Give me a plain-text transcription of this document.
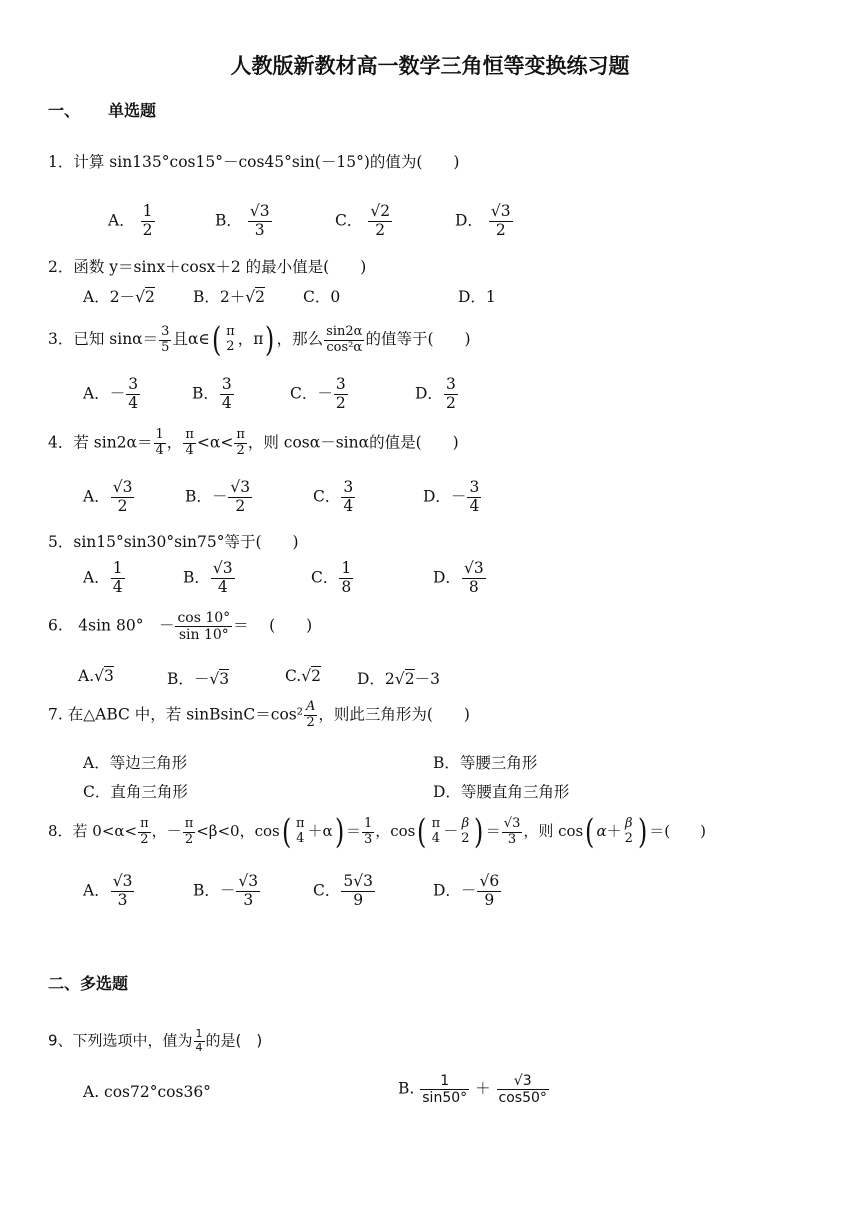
人教版新教材高一数学三角恒等变换练习题
一、 单选题
1．计算 sin135°cos15°－cos45°sin(－15°)的值为(　　)
A． $\frac{1}{2}$	B． $\frac{√3}{3}$	C． $\frac{√2}{2}$	D． $\frac{√3}{2}$
2．函数 y＝sinx＋cosx＋2 的最小值是(　　)
A．2－√2 B．2＋√2 C．0	D．1
3．已知 $\sin\alpha= \frac{3}{5}$ 且α∈( π
2 ，π) ，那么 $\frac{\sin 2\alpha}{\text{cos²α}}$ 的值等于(　　)
A．－ $\frac{3}{4}$	B． $\frac{3}{4}$	C．－ $\frac{3}{2}$	D． $\frac{3}{2}$
4．若 $\sin 2\alpha= \frac{1}{4}$ ， $\frac{\pi}{4} <\alpha< \frac{\pi}{2}$ ，则 cosα－sinα的值是(　　)
A． $\frac{√3}{2}$	B．－ $\frac{√3}{2}$	C． $\frac{3}{4}$	D．－ $\frac{3}{4}$
5．sin15°sin30°sin75°等于(　　)
A． $\frac{1}{4}$	B． $\frac{√3}{4}$	C． $\frac{1}{8}$	D． $\frac{√3}{8}$
6.　4sin 80°　－ $\frac{\cos 10^\circ}{\sin 10^\circ}$ ＝　 (　　)
A.√3	B．－√3	C.√2 D．2√2－3
7. 在△ABC 中，若 sinBsinC＝cos² $\frac{A}{2}$ ，则此三角形为(　　)
A．等边三角形	B．等腰三角形
C．直角三角形	D．等腰直角三角形
8．若 $0<\alpha< \frac{\pi}{2}$ ，－ $\frac{\pi}{2} <\beta<0$，cos( π
$4 +\alpha) = \frac{1}{3}$ ，cos( π
4 － β
2 ) ＝ $\frac{√3}{3}$ ，则 cos( α＋ β
2 ) ＝(　　)
A． $\frac{√3}{3}$	B．－ $\frac{√3}{3}$	C． $\frac{5√3}{9}$	D．－ $\frac{√6}{9}$
二、多选题
9、下列选项中，值为 $\frac{1}{4}$ 的是(　)
A. cos72°cos36°	B. $\frac{1}{\sin 50^\circ} + \frac{√3}{\cos 50^\circ}$
